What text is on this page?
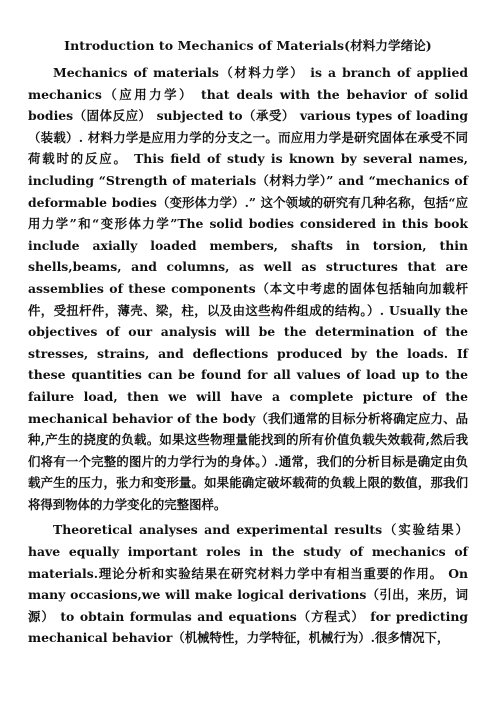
Introduction to Mechanics of Materials(材料力学绪论)

Mechanics of materials（材料力学） is a branch of applied mechanics（应用力学） that deals with the behavior of solid bodies（固体反应） subjected to（承受） various types of loading（装载）. 材料力学是应用力学的分支之一。而应用力学是研究固体在承受不同荷载时的反应。 This field of study is known by several names, including “Strength of materials（材料力学）” and “mechanics of deformable bodies（变形体力学）.” 这个领域的研究有几种名称，包括“应用力学”和“变形体力学”The solid bodies considered in this book include axially loaded members, shafts in torsion, thin shells,beams, and columns, as well as structures that are assemblies of these components（本文中考虑的固体包括轴向加载杆件，受扭杆件，薄壳、梁，柱，以及由这些构件组成的结构。）. Usually the objectives of our analysis will be the determination of the stresses, strains, and deflections produced by the loads. If these quantities can be found for all values of load up to the failure load, then we will have a complete picture of the mechanical behavior of the body（我们通常的目标分析将确定应力、品种,产生的挠度的负载。如果这些物理量能找到的所有价值负载失效载荷,然后我们将有一个完整的图片的力学行为的身体。）.通常，我们的分析目标是确定由负载产生的压力，张力和变形量。如果能确定破坏载荷的负载上限的数值，那我们将得到物体的力学变化的完整图样。

Theoretical analyses and experimental results（实验结果） have equally important roles in the study of mechanics of materials.理论分析和实验结果在研究材料力学中有相当重要的作用。 On many occasions,we will make logical derivations（引出，来历，词源） to obtain formulas and equations（方程式） for predicting mechanical behavior（机械特性，力学特征，机械行为）.很多情况下，
